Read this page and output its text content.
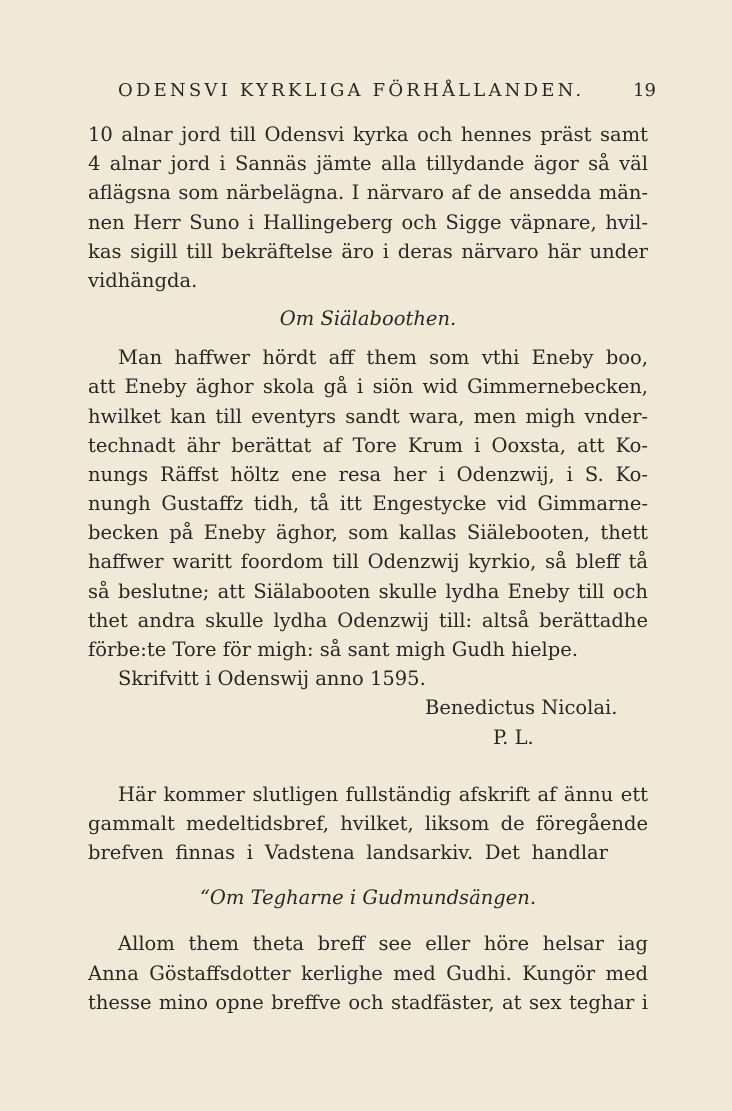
ODENSVI KYRKLIGA FÖRHÅLLANDEN.	19
10 alnar jord till Odensvi kyrka och hennes präst samt
4 alnar jord i Sannäs jämte alla tillydande ägor så väl
aflägsna som närbelägna. I närvaro af de ansedda män-
nen Herr Suno i Hallingeberg och Sigge väpnare, hvil-
kas sigill till bekräftelse äro i deras närvaro här under
vidhängda.
Om Siälaboothen.
Man haffwer hördt aff them som vthi Eneby boo,
att Eneby äghor skola gå i siön wid Gimmernebecken,
hwilket kan till eventyrs sandt wara, men migh vnder-
technadt ähr berättat af Tore Krum i Ooxsta, att Ko-
nungs Räffst höltz ene resa her i Odenzwij, i S. Ko-
nungh Gustaffz tidh, tå itt Engestycke vid Gimmarne-
becken på Eneby äghor, som kallas Siälebooten, thett
haffwer waritt foordom till Odenzwij kyrkio, så bleff tå
så beslutne; att Siälabooten skulle lydha Eneby till och
thet andra skulle lydha Odenzwij till: altså berättadhe
förbe:te Tore för migh: så sant migh Gudh hielpe.
Skrifvitt i Odenswij anno 1595.
Benedictus Nicolai.
P. L.
Här kommer slutligen fullständig afskrift af ännu ett
gammalt medeltidsbref, hvilket, liksom de föregående
brefven finnas i Vadstena landsarkiv. Det handlar
“Om Tegharne i Gudmundsängen.
Allom them theta breff see eller höre helsar iag
Anna Göstaffsdotter kerlighe med Gudhi. Kungör med
thesse mino opne breffve och stadfäster, at sex teghar i
